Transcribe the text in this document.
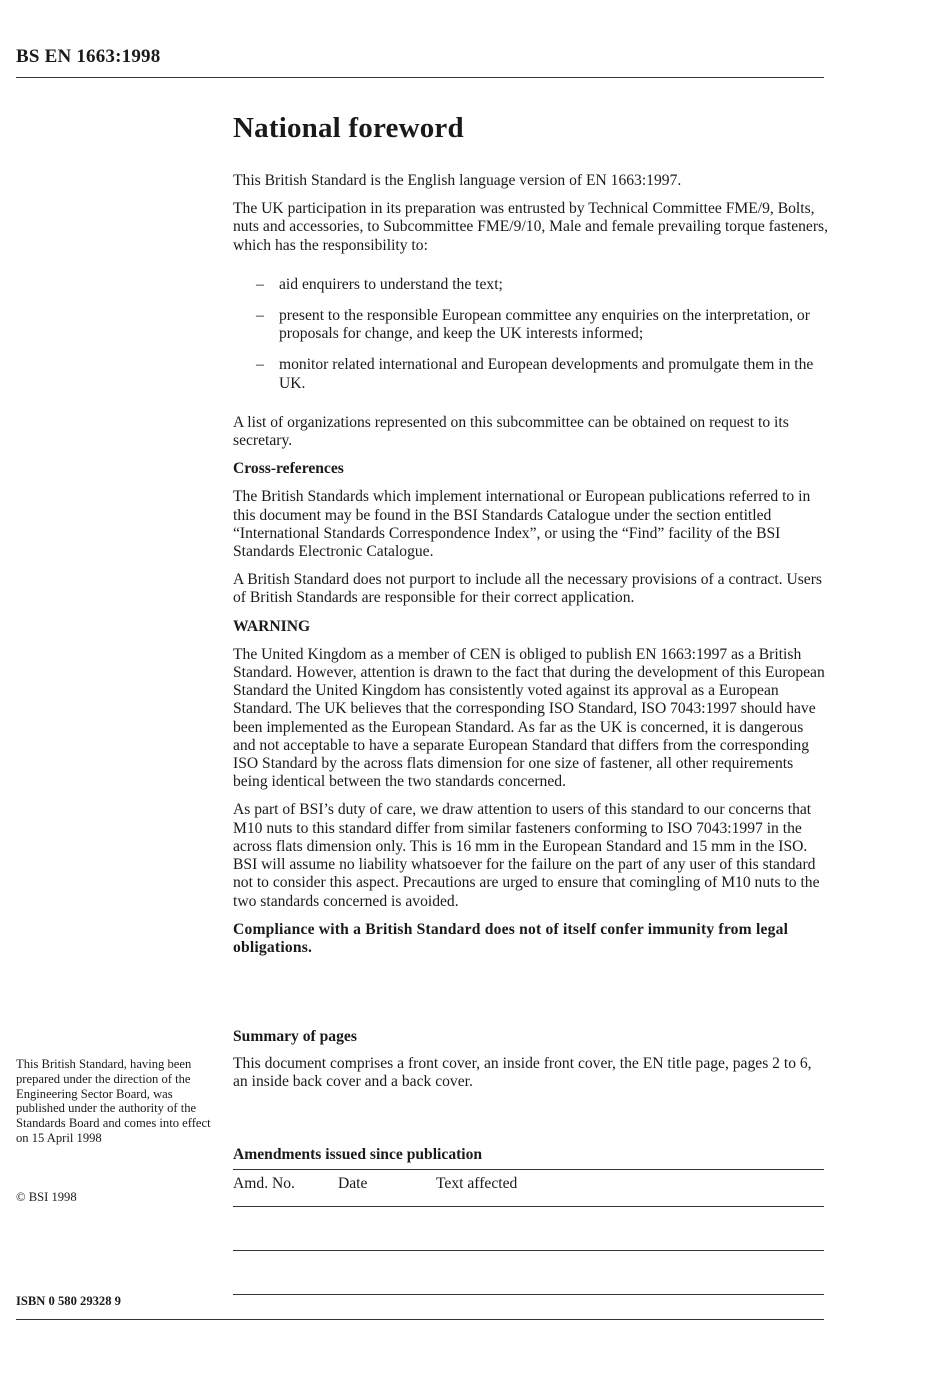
BS EN 1663:1998
National foreword

This British Standard is the English language version of EN 1663:1997.

The UK participation in its preparation was entrusted by Technical Committee FME/9, Bolts, nuts and accessories, to Subcommittee FME/9/10, Male and female prevailing torque fasteners, which has the responsibility to:

– aid enquirers to understand the text;
– present to the responsible European committee any enquiries on the interpretation, or proposals for change, and keep the UK interests informed;
– monitor related international and European developments and promulgate them in the UK.

A list of organizations represented on this subcommittee can be obtained on request to its secretary.

Cross-references

The British Standards which implement international or European publications referred to in this document may be found in the BSI Standards Catalogue under the section entitled “International Standards Correspondence Index”, or using the “Find” facility of the BSI Standards Electronic Catalogue.

A British Standard does not purport to include all the necessary provisions of a contract. Users of British Standards are responsible for their correct application.

WARNING

The United Kingdom as a member of CEN is obliged to publish EN 1663:1997 as a British Standard. However, attention is drawn to the fact that during the development of this European Standard the United Kingdom has consistently voted against its approval as a European Standard. The UK believes that the corresponding ISO Standard, ISO 7043:1997 should have been implemented as the European Standard. As far as the UK is concerned, it is dangerous and not acceptable to have a separate European Standard that differs from the corresponding ISO Standard by the across flats dimension for one size of fastener, all other requirements being identical between the two standards concerned.

As part of BSI’s duty of care, we draw attention to users of this standard to our concerns that M10 nuts to this standard differ from similar fasteners conforming to ISO 7043:1997 in the across flats dimension only. This is 16 mm in the European Standard and 15 mm in the ISO. BSI will assume no liability whatsoever for the failure on the part of any user of this standard not to consider this aspect. Precautions are urged to ensure that comingling of M10 nuts to the two standards concerned is avoided.

Compliance with a British Standard does not of itself confer immunity from legal obligations.

Summary of pages
This document comprises a front cover, an inside front cover, the EN title page, pages 2 to 6, an inside back cover and a back cover.
Amendments issued since publication
Amd. No.	Date	Text affected
This British Standard, having been prepared under the direction of the Engineering Sector Board, was published under the authority of the Standards Board and comes into effect on 15 April 1998
© BSI 1998
ISBN 0 580 29328 9
